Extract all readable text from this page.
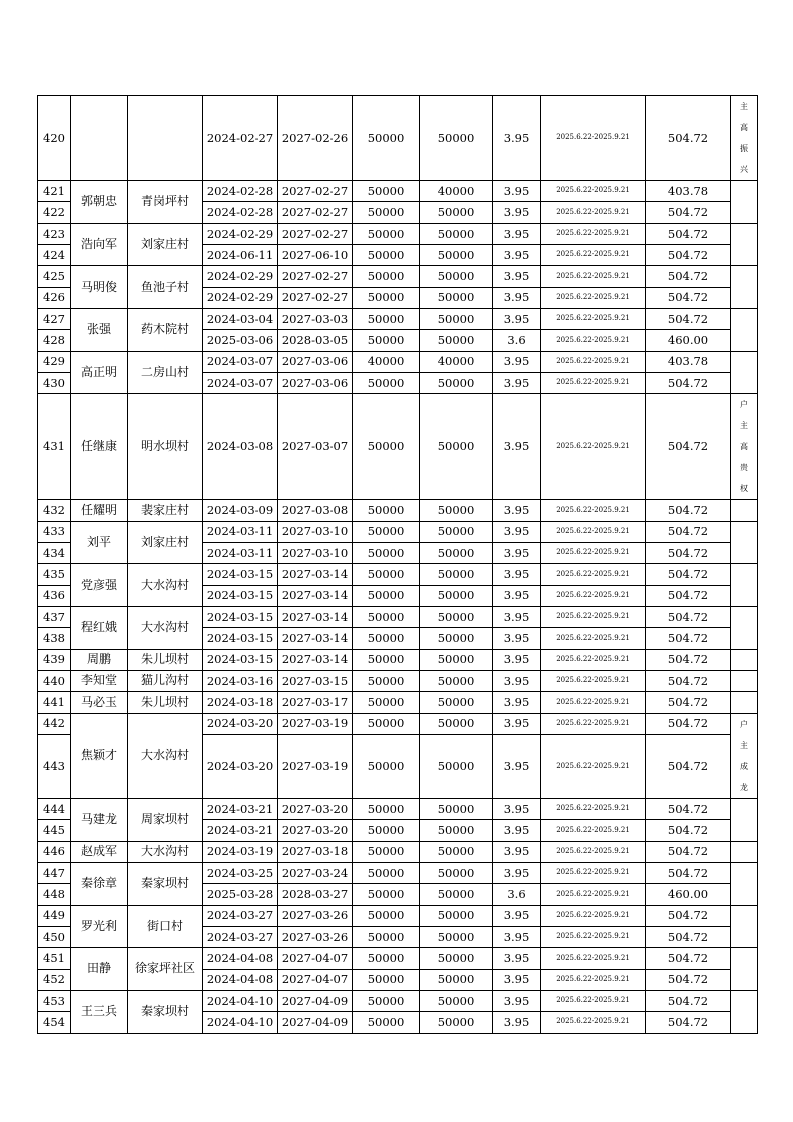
420			2024-02-27	2027-02-26	50000	50000	3.95	2025.6.22-2025.9.21	504.72	主高振兴

421	郭朝忠	青岗坪村	2024-02-28	2027-02-27	50000	40000	3.95	2025.6.22-2025.9.21	403.78	

422			2024-02-28	2027-02-27	50000	50000	3.95	2025.6.22-2025.9.21	504.72	
423	浩向军	刘家庄村	2024-02-29	2027-02-27	50000	50000	3.95	2025.6.22-2025.9.21	504.72	

424			2024-06-11	2027-06-10	50000	50000	3.95	2025.6.22-2025.9.21	504.72	
425	马明俊	鱼池子村	2024-02-29	2027-02-27	50000	50000	3.95	2025.6.22-2025.9.21	504.72	

426			2024-02-29	2027-02-27	50000	50000	3.95	2025.6.22-2025.9.21	504.72	
427	张强	药木院村	2024-03-04	2027-03-03	50000	50000	3.95	2025.6.22-2025.9.21	504.72	

428			2025-03-06	2028-03-05	50000	50000	3.6	2025.6.22-2025.9.21	460.00	
429	高正明	二房山村	2024-03-07	2027-03-06	40000	40000	3.95	2025.6.22-2025.9.21	403.78	

430			2024-03-07	2027-03-06	50000	50000	3.95	2025.6.22-2025.9.21	504.72	
431	任继康	明水坝村	2024-03-08	2027-03-07	50000	50000	3.95	2025.6.22-2025.9.21	504.72	户主高贵权

432	任耀明	裴家庄村	2024-03-09	2027-03-08	50000	50000	3.95	2025.6.22-2025.9.21	504.72	

433	刘平	刘家庄村	2024-03-11	2027-03-10	50000	50000	3.95	2025.6.22-2025.9.21	504.72	

434			2024-03-11	2027-03-10	50000	50000	3.95	2025.6.22-2025.9.21	504.72	
435	党彦强	大水沟村	2024-03-15	2027-03-14	50000	50000	3.95	2025.6.22-2025.9.21	504.72	

436			2024-03-15	2027-03-14	50000	50000	3.95	2025.6.22-2025.9.21	504.72	
437	程红娥	大水沟村	2024-03-15	2027-03-14	50000	50000	3.95	2025.6.22-2025.9.21	504.72	

438			2024-03-15	2027-03-14	50000	50000	3.95	2025.6.22-2025.9.21	504.72	
439	周鹏	朱儿坝村	2024-03-15	2027-03-14	50000	50000	3.95	2025.6.22-2025.9.21	504.72	

440	李知堂	猫儿沟村	2024-03-16	2027-03-15	50000	50000	3.95	2025.6.22-2025.9.21	504.72	

441	马必玉	朱儿坝村	2024-03-18	2027-03-17	50000	50000	3.95	2025.6.22-2025.9.21	504.72	

442	焦颖才	大水沟村	2024-03-20	2027-03-19	50000	50000	3.95	2025.6.22-2025.9.21	504.72	户主成龙

443			2024-03-20	2027-03-19	50000	50000	3.95	2025.6.22-2025.9.21	504.72	
444	马建龙	周家坝村	2024-03-21	2027-03-20	50000	50000	3.95	2025.6.22-2025.9.21	504.72	

445			2024-03-21	2027-03-20	50000	50000	3.95	2025.6.22-2025.9.21	504.72	
446	赵成军	大水沟村	2024-03-19	2027-03-18	50000	50000	3.95	2025.6.22-2025.9.21	504.72	

447	秦徐章	秦家坝村	2024-03-25	2027-03-24	50000	50000	3.95	2025.6.22-2025.9.21	504.72	

448			2025-03-28	2028-03-27	50000	50000	3.6	2025.6.22-2025.9.21	460.00	
449	罗光利	街口村	2024-03-27	2027-03-26	50000	50000	3.95	2025.6.22-2025.9.21	504.72	

450			2024-03-27	2027-03-26	50000	50000	3.95	2025.6.22-2025.9.21	504.72	
451	田静	徐家坪社区	2024-04-08	2027-04-07	50000	50000	3.95	2025.6.22-2025.9.21	504.72	

452			2024-04-08	2027-04-07	50000	50000	3.95	2025.6.22-2025.9.21	504.72	
453	王三兵	秦家坝村	2024-04-10	2027-04-09	50000	50000	3.95	2025.6.22-2025.9.21	504.72	

454			2024-04-10	2027-04-09	50000	50000	3.95	2025.6.22-2025.9.21	504.72	
